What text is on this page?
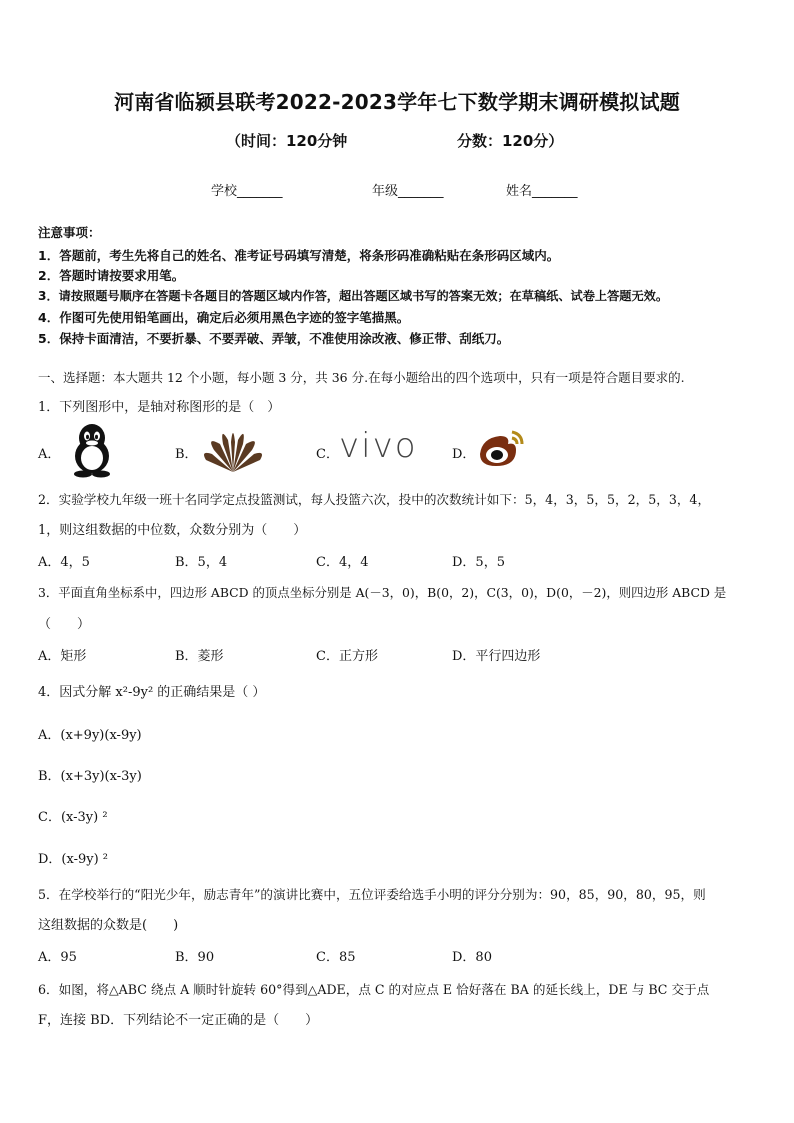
河南省临颍县联考2022-2023学年七下数学期末调研模拟试题
（时间：120分钟	分数：120分）
学校_______	年级_______	姓名_______
注意事项：
1．答题前，考生先将自己的姓名、准考证号码填写清楚，将条形码准确粘贴在条形码区域内。
2．答题时请按要求用笔。
3．请按照题号顺序在答题卡各题目的答题区域内作答，超出答题区域书写的答案无效；在草稿纸、试卷上答题无效。
4．作图可先使用铅笔画出，确定后必须用黑色字迹的签字笔描黑。
5．保持卡面清洁，不要折暴、不要弄破、弄皱，不准使用涂改液、修正带、刮纸刀。
一、选择题：本大题共 12 个小题，每小题 3 分，共 36 分.在每小题给出的四个选项中，只有一项是符合题目要求的.
1．下列图形中，是轴对称图形的是（　）
A．	B．	C． vivo	D．
2．实验学校九年级一班十名同学定点投篮测试，每人投篮六次，投中的次数统计如下：5，4，3，5，5，2，5，3，4，
1，则这组数据的中位数，众数分别为（　　）
A．4，5	B．5，4	C．4，4	D．5，5
3．平面直角坐标系中，四边形 ABCD 的顶点坐标分别是 A(－3，0)，B(0，2)，C(3，0)，D(0，－2)，则四边形 ABCD 是
（　　）
A．矩形	B．菱形	C．正方形	D．平行四边形
4．因式分解 x²-9y² 的正确结果是（ ）
A．(x+9y)(x-9y)
B．(x+3y)(x-3y)
C．(x-3y) ²
D．(x-9y) ²
5．在学校举行的“阳光少年，励志青年”的演讲比赛中，五位评委给选手小明的评分分别为：90，85，90，80，95，则
这组数据的众数是(　　)
A．95	B．90	C．85	D．80
6．如图，将△ABC 绕点 A 顺时针旋转 60°得到△ADE，点 C 的对应点 E 恰好落在 BA 的延长线上，DE 与 BC 交于点
F，连接 BD．下列结论不一定正确的是（　　）
